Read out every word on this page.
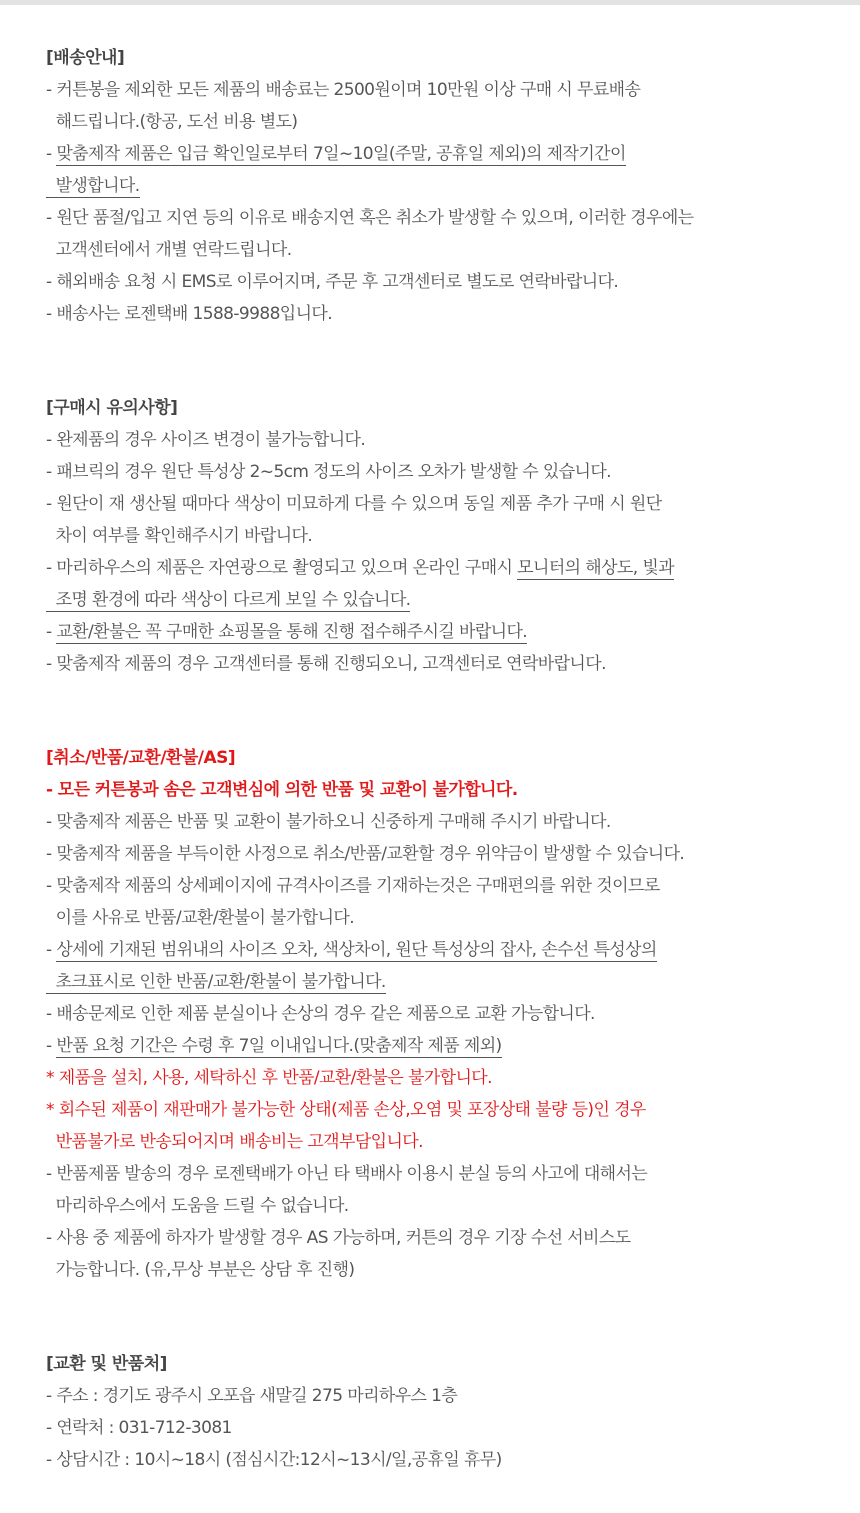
[배송안내]
- 커튼봉을 제외한 모든 제품의 배송료는 2500원이며 10만원 이상 구매 시 무료배송
해드립니다.(항공, 도선 비용 별도)
- 맞춤제작 제품은 입금 확인일로부터 7일~10일(주말, 공휴일 제외)의 제작기간이
발생합니다.
- 원단 품절/입고 지연 등의 이유로 배송지연 혹은 취소가 발생할 수 있으며, 이러한 경우에는
고객센터에서 개별 연락드립니다.
- 해외배송 요청 시 EMS로 이루어지며, 주문 후 고객센터로 별도로 연락바랍니다.
- 배송사는 로젠택배 1588-9988입니다.
[구매시 유의사항]
- 완제품의 경우 사이즈 변경이 불가능합니다.
- 패브릭의 경우 원단 특성상 2~5cm 정도의 사이즈 오차가 발생할 수 있습니다.
- 원단이 재 생산될 때마다 색상이 미묘하게 다를 수 있으며 동일 제품 추가 구매 시 원단
차이 여부를 확인해주시기 바랍니다.
- 마리하우스의 제품은 자연광으로 촬영되고 있으며 온라인 구매시 모니터의 해상도, 빛과
조명 환경에 따라 색상이 다르게 보일 수 있습니다.
- 교환/환불은 꼭 구매한 쇼핑몰을 통해 진행 접수해주시길 바랍니다.
- 맞춤제작 제품의 경우 고객센터를 통해 진행되오니, 고객센터로 연락바랍니다.
[취소/반품/교환/환불/AS]
- 모든 커튼봉과 솜은 고객변심에 의한 반품 및 교환이 불가합니다.
- 맞춤제작 제품은 반품 및 교환이 불가하오니 신중하게 구매해 주시기 바랍니다.
- 맞춤제작 제품을 부득이한 사정으로 취소/반품/교환할 경우 위약금이 발생할 수 있습니다.
- 맞춤제작 제품의 상세페이지에 규격사이즈를 기재하는것은 구매편의를 위한 것이므로
이를 사유로 반품/교환/환불이 불가합니다.
- 상세에 기재된 범위내의 사이즈 오차, 색상차이, 원단 특성상의 잡사, 손수선 특성상의
초크표시로 인한 반품/교환/환불이 불가합니다.
- 배송문제로 인한 제품 분실이나 손상의 경우 같은 제품으로 교환 가능합니다.
- 반품 요청 기간은 수령 후 7일 이내입니다.(맞춤제작 제품 제외)
* 제품을 설치, 사용, 세탁하신 후 반품/교환/환불은 불가합니다.
* 회수된 제품이 재판매가 불가능한 상태(제품 손상,오염 및 포장상태 불량 등)인 경우
반품불가로 반송되어지며 배송비는 고객부담입니다.
- 반품제품 발송의 경우 로젠택배가 아닌 타 택배사 이용시 분실 등의 사고에 대해서는
마리하우스에서 도움을 드릴 수 없습니다.
- 사용 중 제품에 하자가 발생할 경우 AS 가능하며, 커튼의 경우 기장 수선 서비스도
가능합니다. (유,무상 부분은 상담 후 진행)
[교환 및 반품처]
- 주소 : 경기도 광주시 오포읍 새말길 275 마리하우스 1층
- 연락처 : 031-712-3081
- 상담시간 : 10시~18시 (점심시간:12시~13시/일,공휴일 휴무)
